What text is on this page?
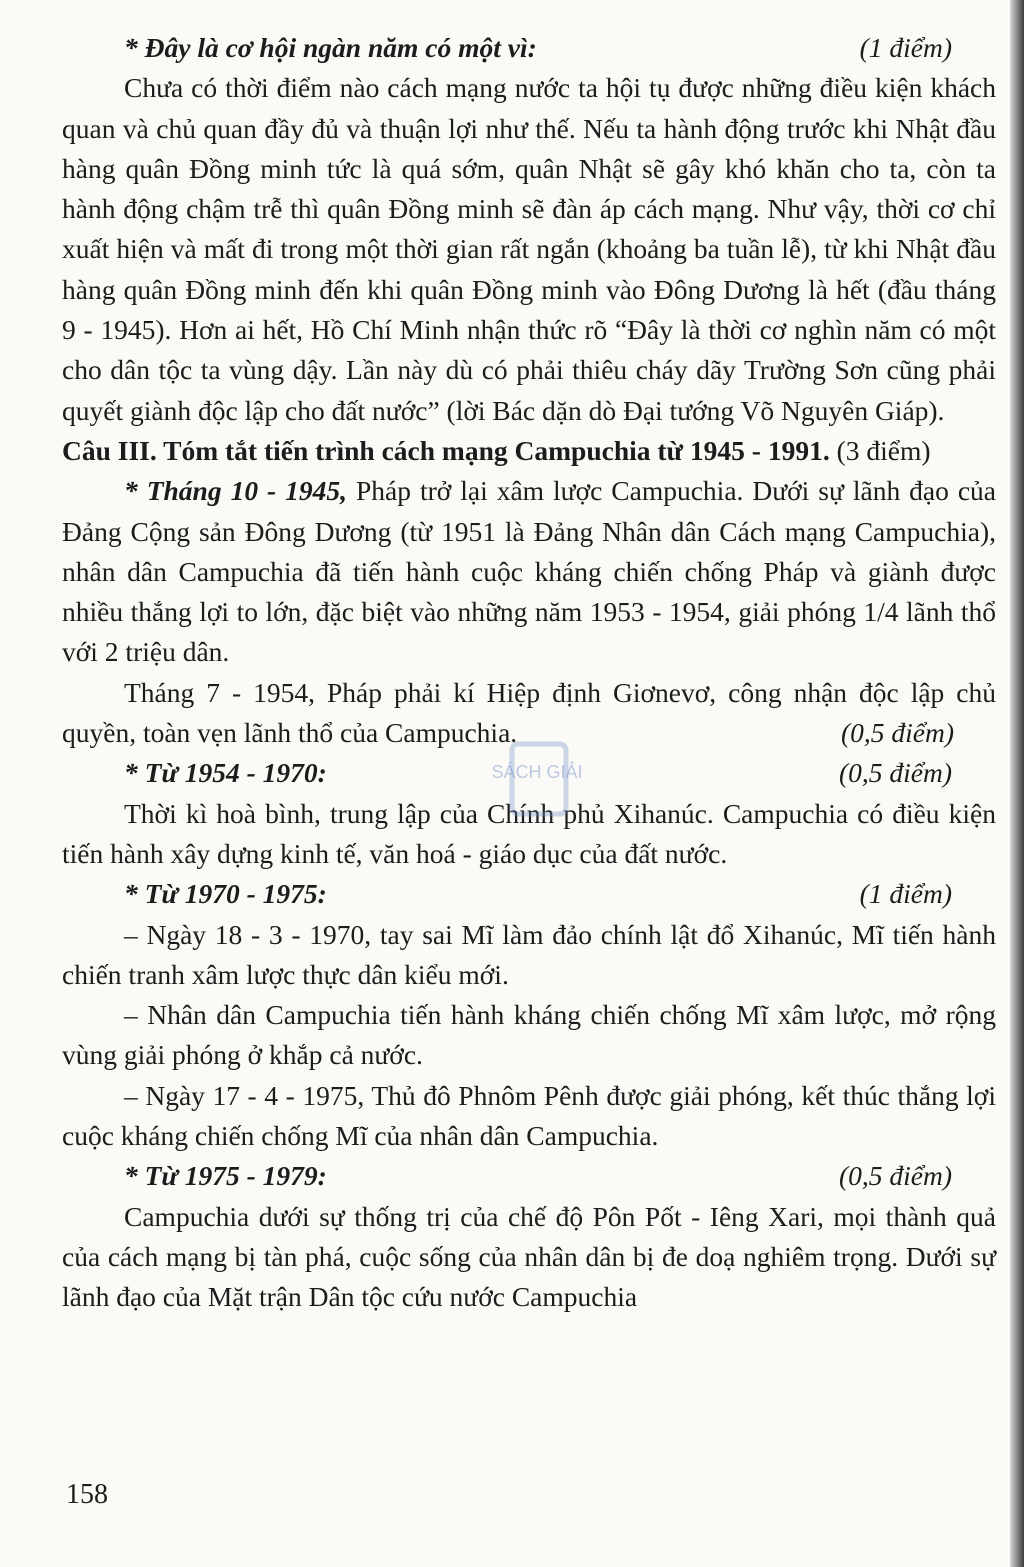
* Đây là cơ hội ngàn năm có một vì:	(1 điểm)

Chưa có thời điểm nào cách mạng nước ta hội tụ được những điều kiện khách quan và chủ quan đầy đủ và thuận lợi như thế. Nếu ta hành động trước khi Nhật đầu hàng quân Đồng minh tức là quá sớm, quân Nhật sẽ gây khó khăn cho ta, còn ta hành động chậm trễ thì quân Đồng minh sẽ đàn áp cách mạng. Như vậy, thời cơ chỉ xuất hiện và mất đi trong một thời gian rất ngắn (khoảng ba tuần lễ), từ khi Nhật đầu hàng quân Đồng minh đến khi quân Đồng minh vào Đông Dương là hết (đầu tháng 9 - 1945). Hơn ai hết, Hồ Chí Minh nhận thức rõ “Đây là thời cơ nghìn năm có một cho dân tộc ta vùng dậy. Lần này dù có phải thiêu cháy dãy Trường Sơn cũng phải quyết giành độc lập cho đất nước” (lời Bác dặn dò Đại tướng Võ Nguyên Giáp).

Câu III. Tóm tắt tiến trình cách mạng Campuchia từ 1945 - 1991. (3 điểm)

* Tháng 10 - 1945, Pháp trở lại xâm lược Campuchia. Dưới sự lãnh đạo của Đảng Cộng sản Đông Dương (từ 1951 là Đảng Nhân dân Cách mạng Campuchia), nhân dân Campuchia đã tiến hành cuộc kháng chiến chống Pháp và giành được nhiều thắng lợi to lớn, đặc biệt vào những năm 1953 - 1954, giải phóng 1/4 lãnh thổ với 2 triệu dân.

Tháng 7 - 1954, Pháp phải kí Hiệp định Giơnevơ, công nhận độc lập chủ quyền, toàn vẹn lãnh thổ của Campuchia.	(0,5 điểm)

* Từ 1954 - 1970:	(0,5 điểm)

Thời kì hoà bình, trung lập của Chính phủ Xihanúc. Campuchia có điều kiện tiến hành xây dựng kinh tế, văn hoá - giáo dục của đất nước.

* Từ 1970 - 1975:	(1 điểm)

– Ngày 18 - 3 - 1970, tay sai Mĩ làm đảo chính lật đổ Xihanúc, Mĩ tiến hành chiến tranh xâm lược thực dân kiểu mới.

– Nhân dân Campuchia tiến hành kháng chiến chống Mĩ xâm lược, mở rộng vùng giải phóng ở khắp cả nước.

– Ngày 17 - 4 - 1975, Thủ đô Phnôm Pênh được giải phóng, kết thúc thắng lợi cuộc kháng chiến chống Mĩ của nhân dân Campuchia.

* Từ 1975 - 1979:	(0,5 điểm)

Campuchia dưới sự thống trị của chế độ Pôn Pốt - Iêng Xari, mọi thành quả của cách mạng bị tàn phá, cuộc sống của nhân dân bị đe doạ nghiêm trọng. Dưới sự lãnh đạo của Mặt trận Dân tộc cứu nước Campuchia

SÁCH GIẢI
158
